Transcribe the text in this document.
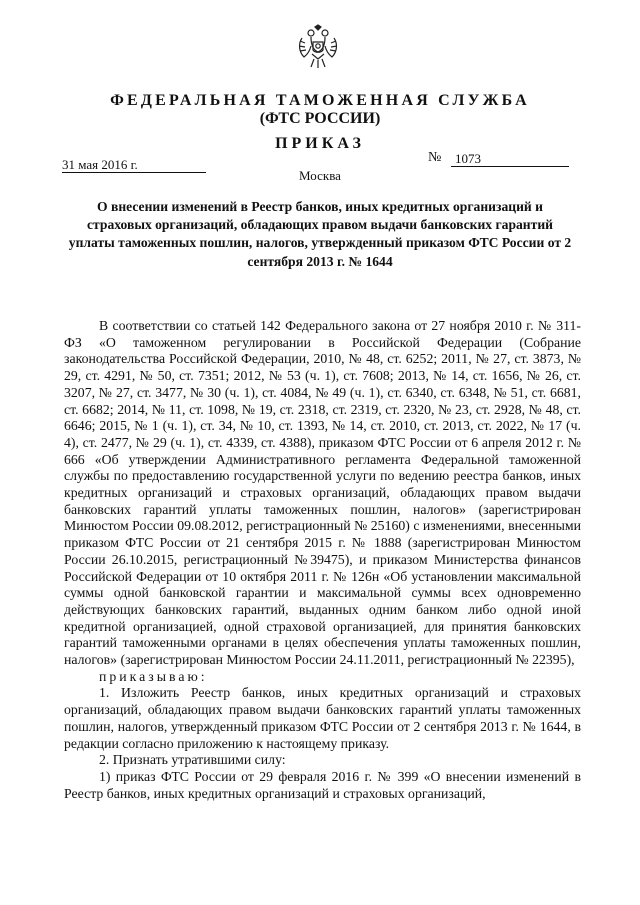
ФЕДЕРАЛЬНАЯ ТАМОЖЕННАЯ СЛУЖБА
(ФТС РОССИИ)
ПРИКАЗ
31 мая 2016 г.	№	1073
Москва
О внесении изменений в Реестр банков, иных кредитных организаций и страховых организаций, обладающих правом выдачи банковских гарантий уплаты таможенных пошлин, налогов, утвержденный приказом ФТС России от 2 сентября 2013 г. № 1644

В соответствии со статьей 142 Федерального закона от 27 ноября 2010 г. № 311-ФЗ «О таможенном регулировании в Российской Федерации (Собрание законодательства Российской Федерации, 2010, № 48, ст. 6252; 2011, № 27, ст. 3873, № 29, ст. 4291, № 50, ст. 7351; 2012, № 53 (ч. 1), ст. 7608; 2013, № 14, ст. 1656, № 26, ст. 3207, № 27, ст. 3477, № 30 (ч. 1), ст. 4084, № 49 (ч. 1), ст. 6340, ст. 6348, № 51, ст. 6681, ст. 6682; 2014, № 11, ст. 1098, № 19, ст. 2318, ст. 2319, ст. 2320, № 23, ст. 2928, № 48, ст. 6646; 2015, № 1 (ч. 1), ст. 34, № 10, ст. 1393, № 14, ст. 2010, ст. 2013, ст. 2022, № 17 (ч. 4), ст. 2477, № 29 (ч. 1), ст. 4339, ст. 4388), приказом ФТС России от 6 апреля 2012 г. № 666 «Об утверждении Административного регламента Федеральной таможенной службы по предоставлению государственной услуги по ведению реестра банков, иных кредитных организаций и страховых организаций, обладающих правом выдачи банковских гарантий уплаты таможенных пошлин, налогов» (зарегистрирован Минюстом России 09.08.2012, регистрационный № 25160) с изменениями, внесенными приказом ФТС России от 21 сентября 2015 г. № 1888 (зарегистрирован Минюстом России 26.10.2015, регистрационный №39475), и приказом Министерства финансов Российской Федерации от 10 октября 2011 г. № 126н «Об установлении максимальной суммы одной банковской гарантии и максимальной суммы всех одновременно действующих банковских гарантий, выданных одним банком либо одной иной кредитной организацией, одной страховой организацией, для принятия банковских гарантий таможенными органами в целях обеспечения уплаты таможенных пошлин, налогов» (зарегистрирован Минюстом России 24.11.2011, регистрационный № 22395),

приказываю:

1. Изложить Реестр банков, иных кредитных организаций и страховых организаций, обладающих правом выдачи банковских гарантий уплаты таможенных пошлин, налогов, утвержденный приказом ФТС России от 2 сентября 2013 г. № 1644, в редакции согласно приложению к настоящему приказу.

2. Признать утратившими силу:

1) приказ ФТС России от 29 февраля 2016 г. № 399 «О внесении изменений в Реестр банков, иных кредитных организаций и страховых организаций,
